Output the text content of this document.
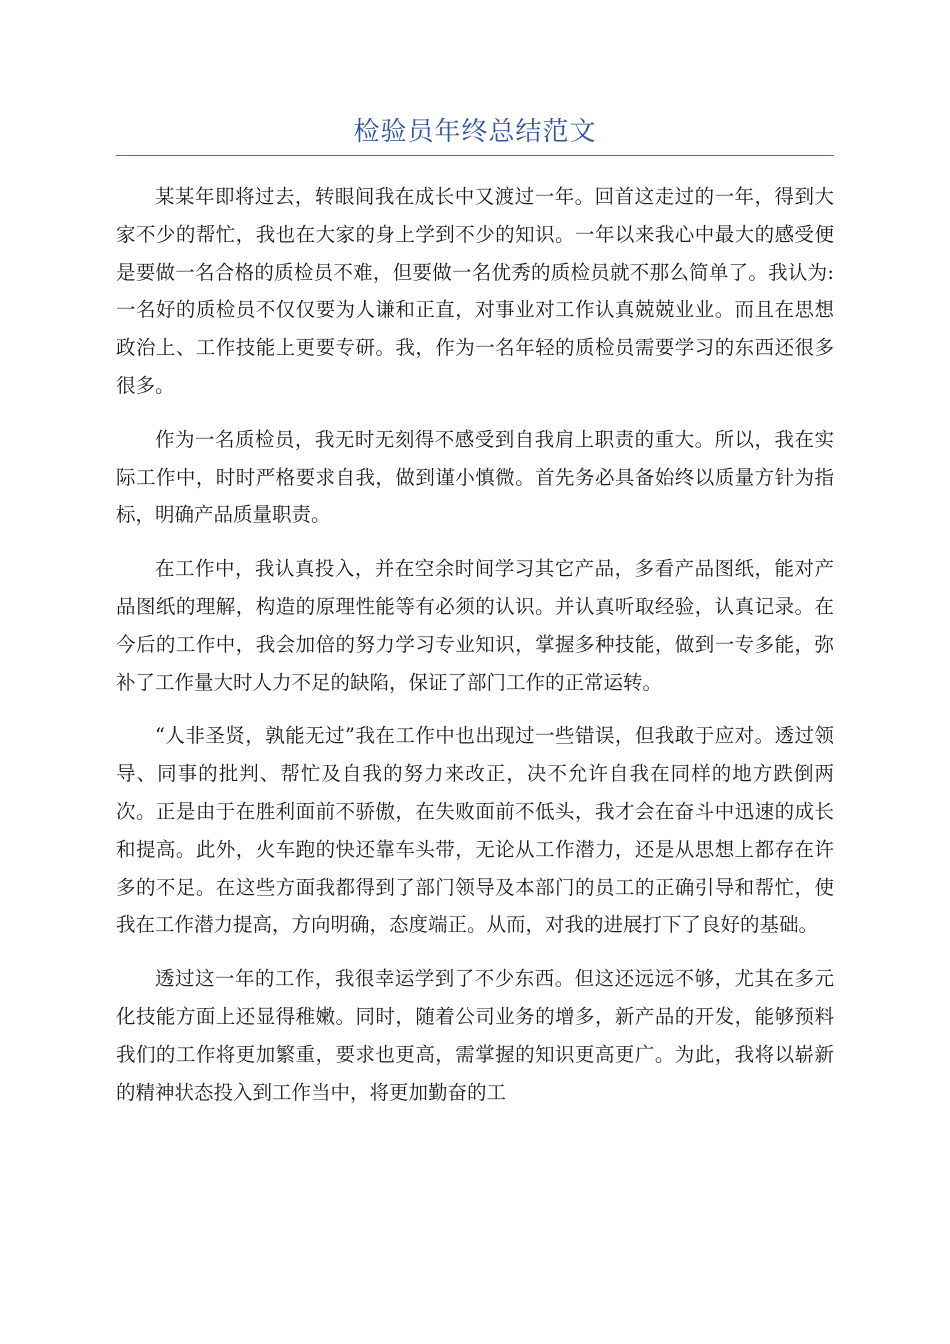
检验员年终总结范文

某某年即将过去，转眼间我在成长中又渡过一年。回首这走过的一年，得到大家不少的帮忙，我也在大家的身上学到不少的知识。一年以来我心中最大的感受便是要做一名合格的质检员不难，但要做一名优秀的质检员就不那么简单了。我认为:一名好的质检员不仅仅要为人谦和正直，对事业对工作认真兢兢业业。而且在思想政治上、工作技能上更要专研。我，作为一名年轻的质检员需要学习的东西还很多很多。

作为一名质检员，我无时无刻得不感受到自我肩上职责的重大。所以，我在实际工作中，时时严格要求自我，做到谨小慎微。首先务必具备始终以质量方针为指标，明确产品质量职责。

在工作中，我认真投入，并在空余时间学习其它产品，多看产品图纸，能对产品图纸的理解，构造的原理性能等有必须的认识。并认真听取经验，认真记录。在今后的工作中，我会加倍的努力学习专业知识，掌握多种技能，做到一专多能，弥补了工作量大时人力不足的缺陷，保证了部门工作的正常运转。

“人非圣贤，孰能无过”我在工作中也出现过一些错误，但我敢于应对。透过领导、同事的批判、帮忙及自我的努力来改正，决不允许自我在同样的地方跌倒两次。正是由于在胜利面前不骄傲，在失败面前不低头，我才会在奋斗中迅速的成长和提高。此外，火车跑的快还靠车头带，无论从工作潜力，还是从思想上都存在许多的不足。在这些方面我都得到了部门领导及本部门的员工的正确引导和帮忙，使我在工作潜力提高，方向明确，态度端正。从而，对我的进展打下了良好的基础。

透过这一年的工作，我很幸运学到了不少东西。但这还远远不够，尤其在多元化技能方面上还显得稚嫩。同时，随着公司业务的增多，新产品的开发，能够预料我们的工作将更加繁重，要求也更高，需掌握的知识更高更广。为此，我将以崭新的精神状态投入到工作当中，将更加勤奋的工
